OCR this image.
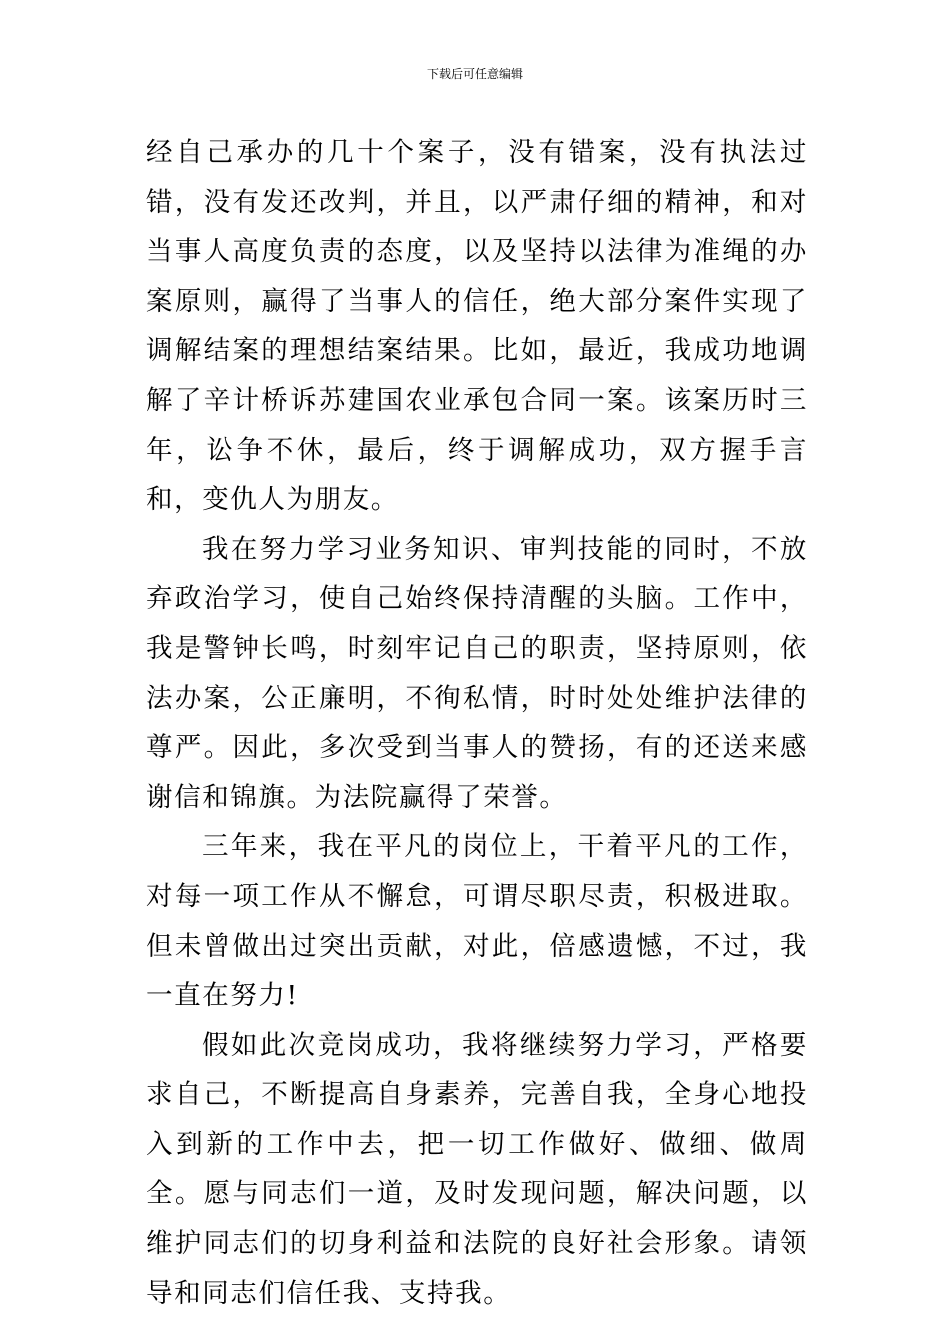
下载后可任意编辑

经自己承办的几十个案子，没有错案，没有执法过错，没有发还改判，并且，以严肃仔细的精神，和对当事人高度负责的态度，以及坚持以法律为准绳的办案原则，赢得了当事人的信任，绝大部分案件实现了调解结案的理想结案结果。比如，最近，我成功地调解了辛计桥诉苏建国农业承包合同一案。该案历时三年，讼争不休，最后，终于调解成功，双方握手言和，变仇人为朋友。

我在努力学习业务知识、审判技能的同时，不放弃政治学习，使自己始终保持清醒的头脑。工作中，我是警钟长鸣，时刻牢记自己的职责，坚持原则，依法办案，公正廉明，不徇私情，时时处处维护法律的尊严。因此，多次受到当事人的赞扬，有的还送来感谢信和锦旗。为法院赢得了荣誉。

三年来，我在平凡的岗位上，干着平凡的工作，对每一项工作从不懈怠，可谓尽职尽责，积极进取。但未曾做出过突出贡献，对此，倍感遗憾，不过，我一直在努力!

假如此次竞岗成功，我将继续努力学习，严格要求自己，不断提高自身素养，完善自我，全身心地投入到新的工作中去，把一切工作做好、做细、做周全。愿与同志们一道，及时发现问题，解决问题，以维护同志们的切身利益和法院的良好社会形象。请领导和同志们信任我、支持我。
